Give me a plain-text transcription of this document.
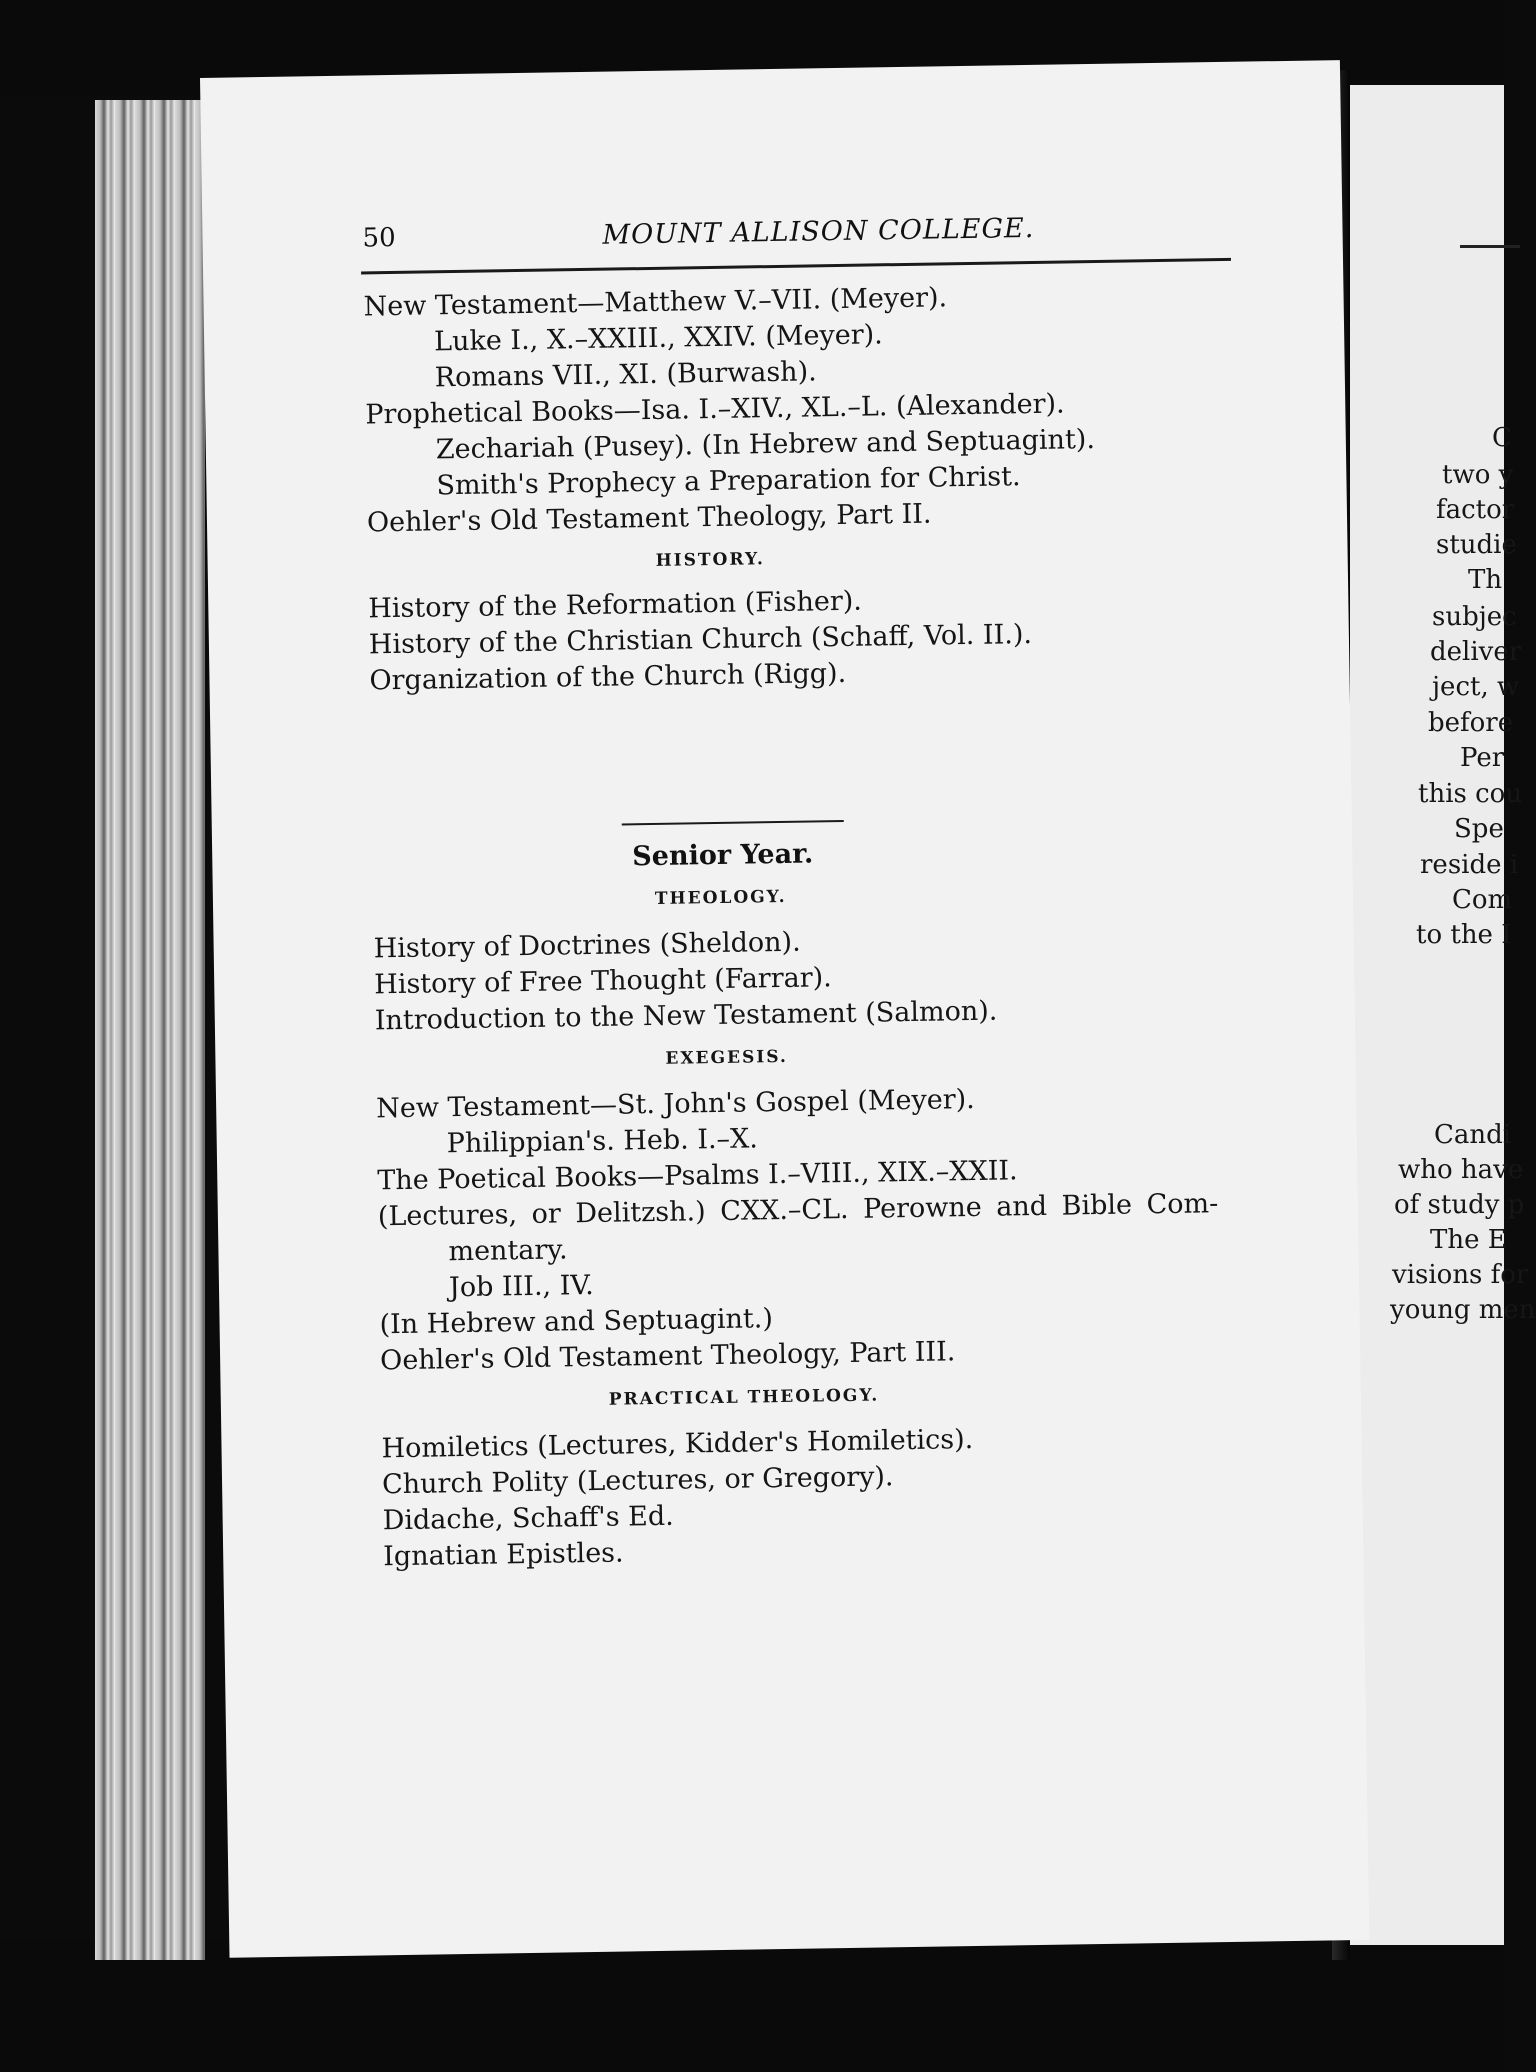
C
two y
factor
studie
Th
subjec
deliver
ject, w
before
Per
this cou
Spe
reside i
Com
to the I
Candi
who have
of study p
The E
visions for
young men
50	MOUNT ALLISON COLLEGE.
New Testament—Matthew V.–VII. (Meyer).
Luke I., X.–XXIII., XXIV. (Meyer).
Romans VII., XI. (Burwash).
Prophetical Books—Isa. I.–XIV., XL.–L. (Alexander).
Zechariah (Pusey). (In Hebrew and Septuagint).
Smith's Prophecy a Preparation for Christ.
Oehler's Old Testament Theology, Part II.
HISTORY.
History of the Reformation (Fisher).
History of the Christian Church (Schaff, Vol. II.).
Organization of the Church (Rigg).
Senior Year.
THEOLOGY.
History of Doctrines (Sheldon).
History of Free Thought (Farrar).
Introduction to the New Testament (Salmon).
EXEGESIS.
New Testament—St. John's Gospel (Meyer).
Philippian's. Heb. I.–X.
The Poetical Books—Psalms I.–VIII., XIX.–XXII.
(Lectures, or Delitzsh.) CXX.–CL. Perowne and Bible Com-
mentary.
Job III., IV.
(In Hebrew and Septuagint.)
Oehler's Old Testament Theology, Part III.
PRACTICAL THEOLOGY.
Homiletics (Lectures, Kidder's Homiletics).
Church Polity (Lectures, or Gregory).
Didache, Schaff's Ed.
Ignatian Epistles.
